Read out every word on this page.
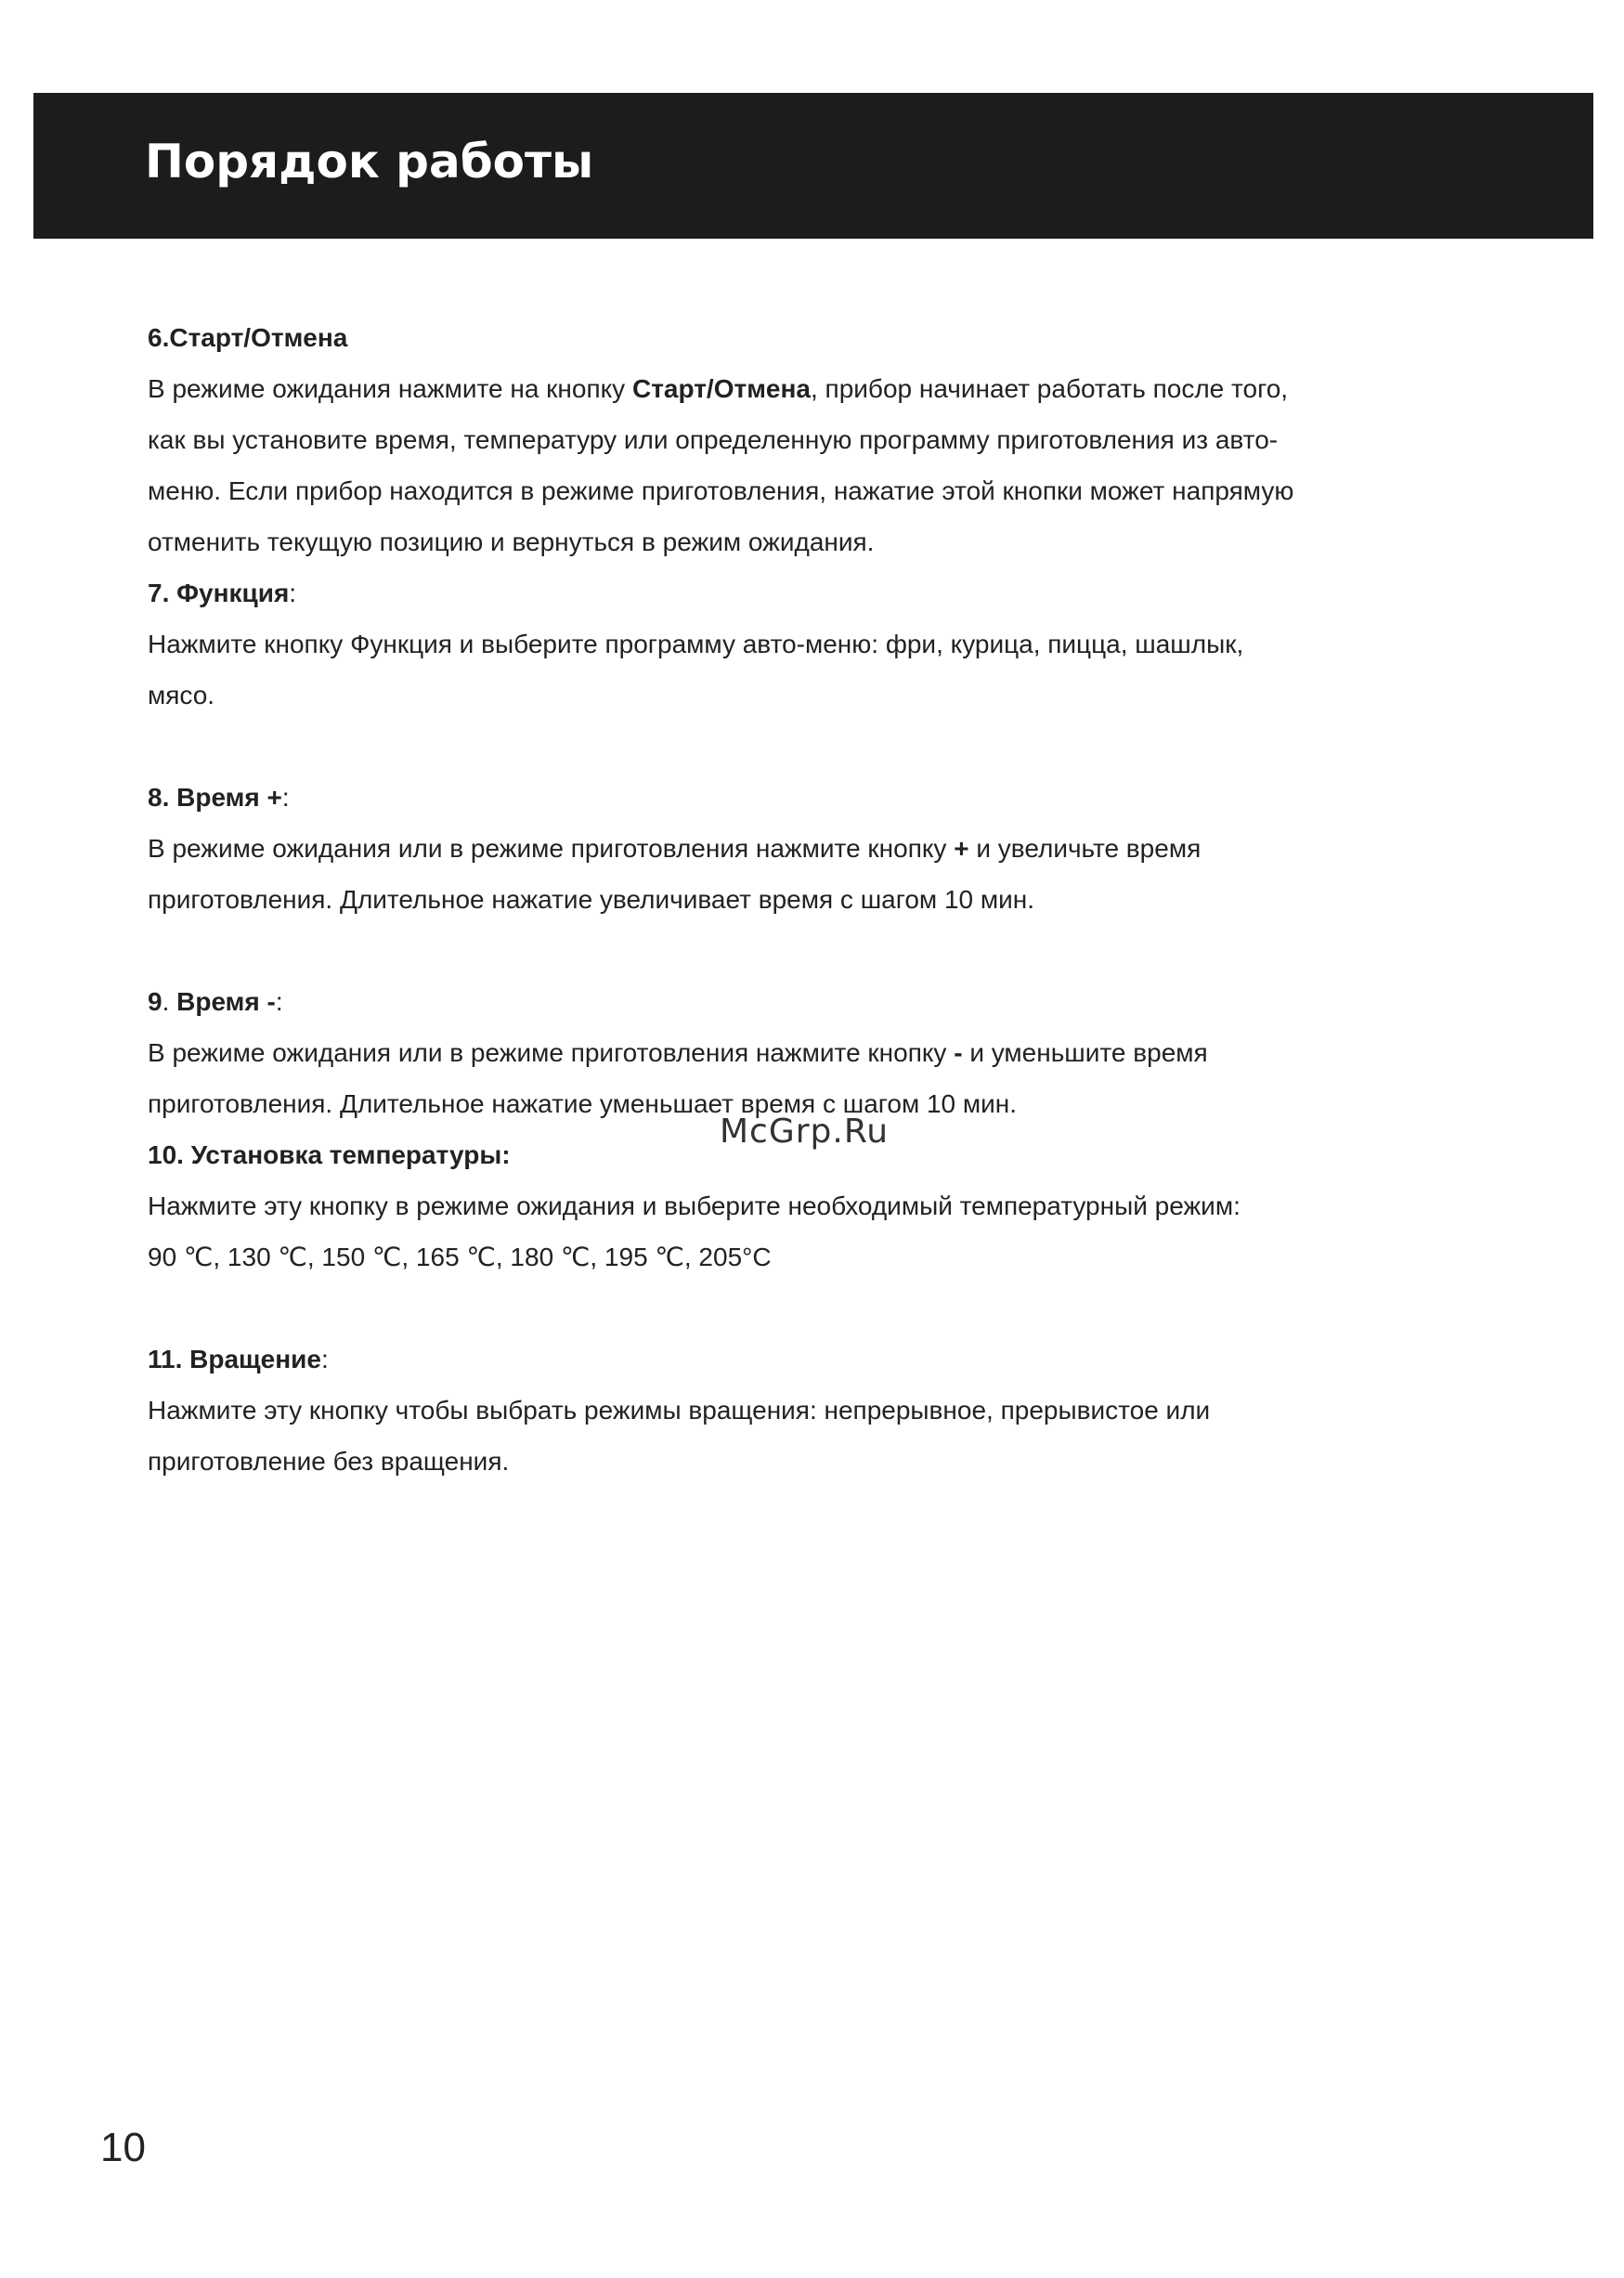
Порядок работы

6.Старт/Отмена

В режиме ожидания нажмите на кнопку Старт/Отмена, прибор начинает работать после того,

как вы установите время, температуру или определенную программу приготовления из авто-

меню. Если прибор находится в режиме приготовления, нажатие этой кнопки может напрямую

отменить текущую позицию и вернуться в режим ожидания.

7. Функция:

Нажмите кнопку Функция и выберите программу авто-меню: фри, курица, пицца, шашлык,

мясо.

8. Время +:

В режиме ожидания или в режиме приготовления нажмите кнопку + и увеличьте время

приготовления. Длительное нажатие увеличивает время с шагом 10 мин.

9. Время -:

В режиме ожидания или в режиме приготовления нажмите кнопку - и уменьшите время

приготовления. Длительное нажатие уменьшает время с шагом 10 мин.

10. Установка температуры:

Нажмите эту кнопку в режиме ожидания и выберите необходимый температурный режим:

90 ℃, 130 ℃, 150 ℃, 165 ℃, 180 ℃, 195 ℃, 205°C

11. Вращение:

Нажмите эту кнопку чтобы выбрать режимы вращения: непрерывное, прерывистое или

приготовление без вращения.

McGrp.Ru
10
